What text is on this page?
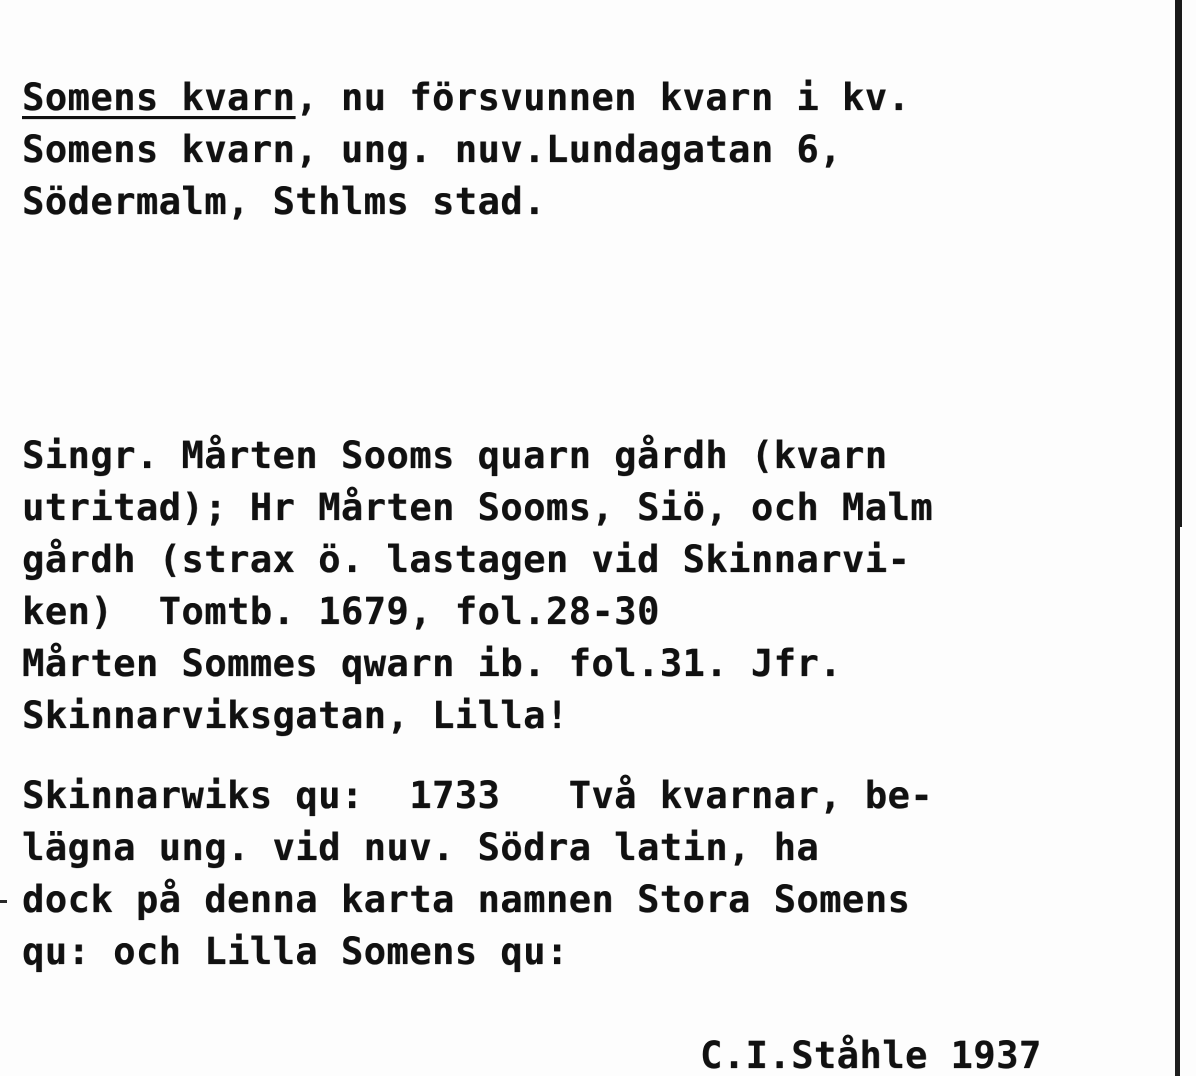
Somens kvarn, nu försvunnen kvarn i kv.
Somens kvarn, ung. nuv.Lundagatan 6,
Södermalm, Sthlms stad.
Singr. Mårten Sooms quarn gårdh (kvarn
utritad); Hr Mårten Sooms, Siö, och Malm
gårdh (strax ö. lastagen vid Skinnarvi-
ken)  Tomtb. 1679, fol.28-30
Mårten Sommes qwarn ib. fol.31. Jfr.
Skinnarviksgatan, Lilla!
Skinnarwiks qu:  1733   Två kvarnar, be-
lägna ung. vid nuv. Södra latin, ha
dock på denna karta namnen Stora Somens
qu: och Lilla Somens qu:
C.I.Ståhle 1937
